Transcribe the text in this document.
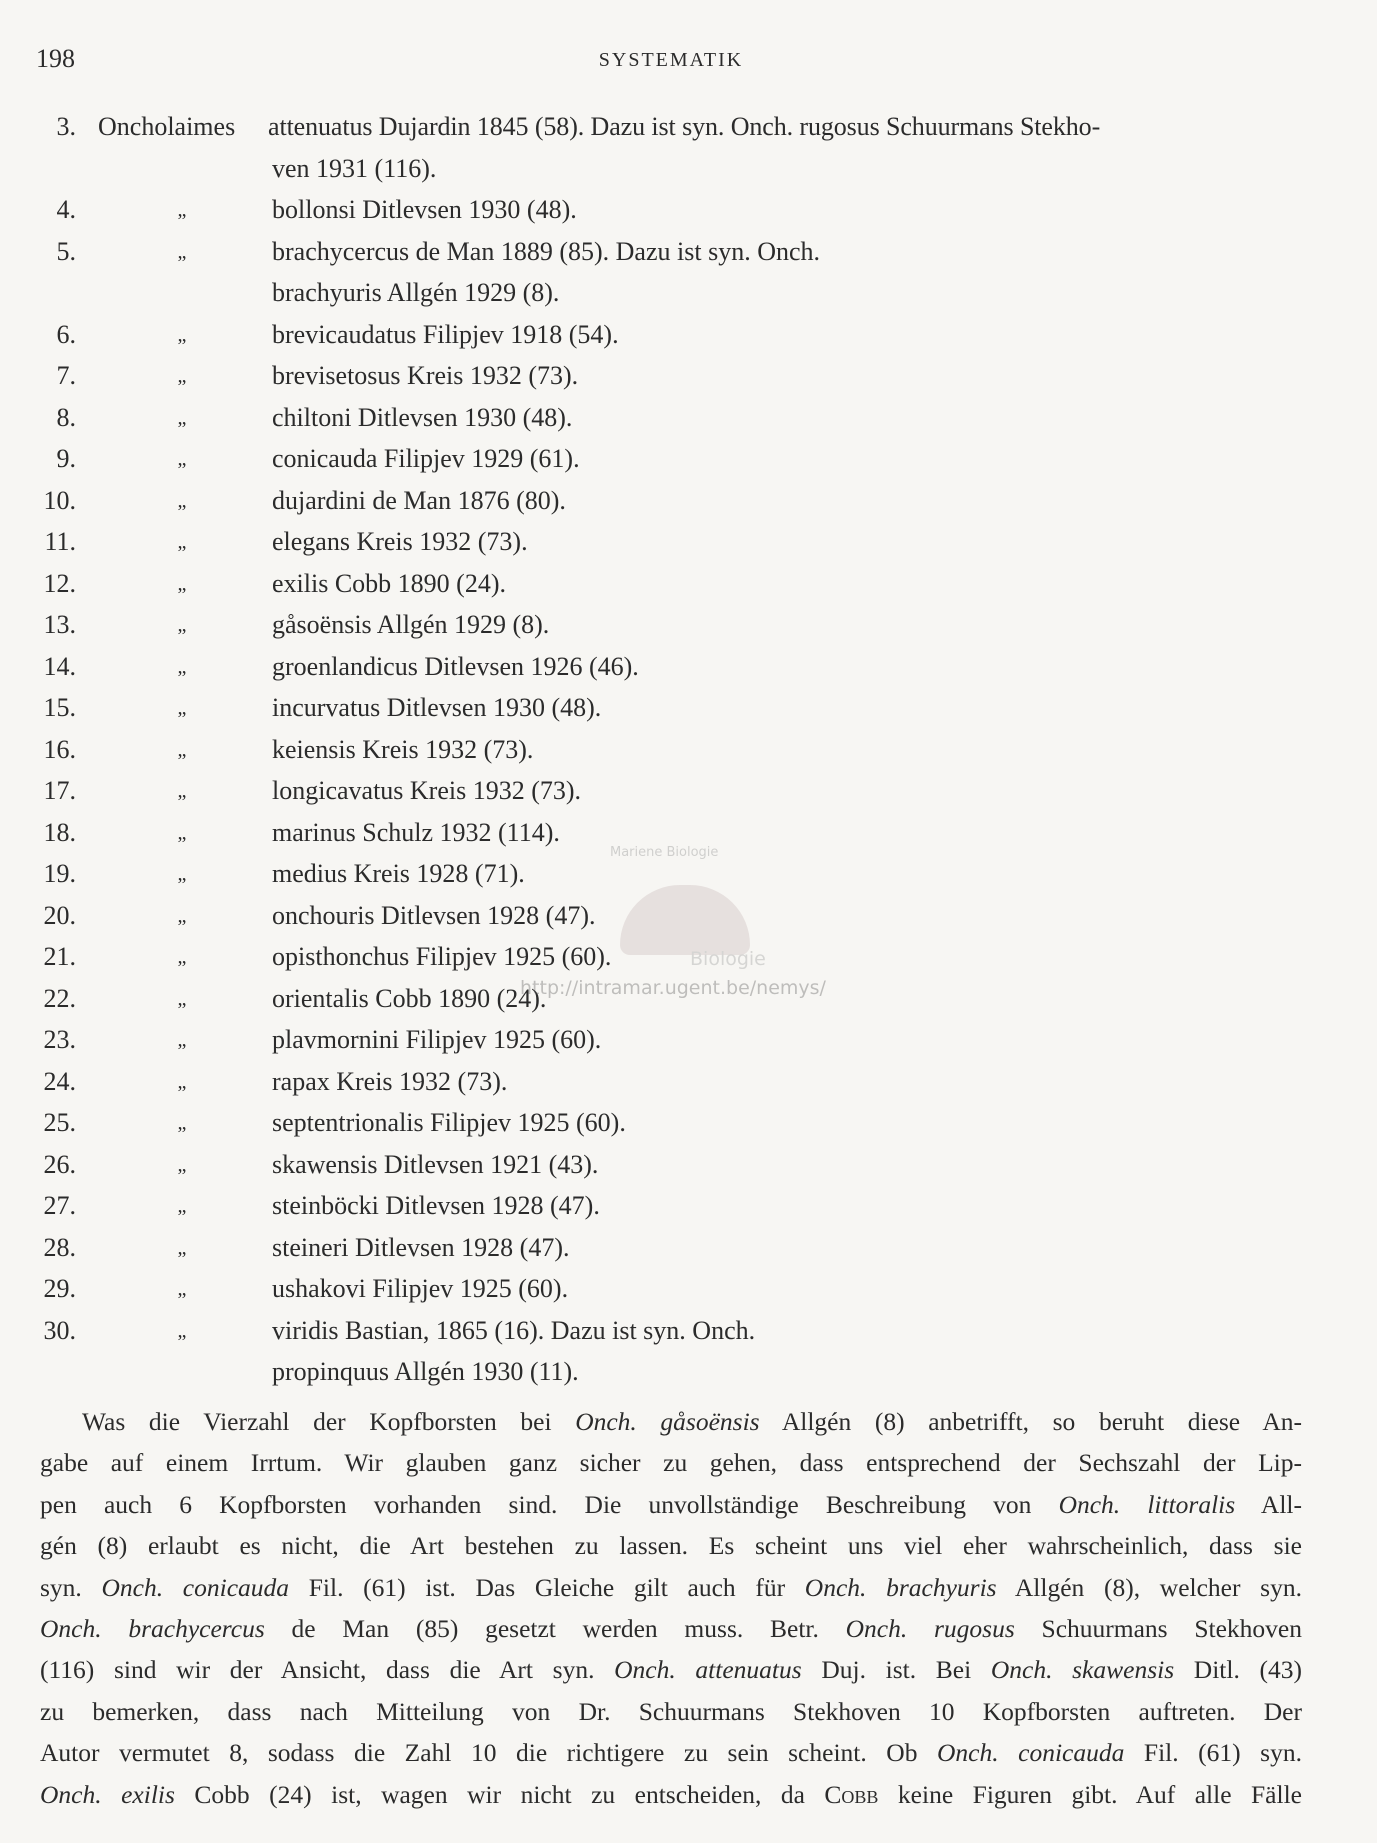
198	SYSTEMATIK
3. Oncholaimes attenuatus Dujardin 1845 (58). Dazu ist syn. Onch. rugosus Schuurmans Stekho-
ven 1931 (116).
4.	„	bollonsi Ditlevsen 1930 (48).
5.	„	brachycercus de Man 1889 (85). Dazu ist syn. Onch.
brachyuris Allgén 1929 (8).
6.	„	brevicaudatus Filipjev 1918 (54).
7.	„	brevisetosus Kreis 1932 (73).
8.	„	chiltoni Ditlevsen 1930 (48).
9.	„	conicauda Filipjev 1929 (61).
10.	„	dujardini de Man 1876 (80).
11.	„	elegans Kreis 1932 (73).
12.	„	exilis Cobb 1890 (24).
13.	„	gåsoënsis Allgén 1929 (8).
14.	„	groenlandicus Ditlevsen 1926 (46).
15.	„	incurvatus Ditlevsen 1930 (48).
16.	„	keiensis Kreis 1932 (73).
17.	„	longicavatus Kreis 1932 (73).
18.	„	marinus Schulz 1932 (114).
19.	„	medius Kreis 1928 (71).
20.	„	onchouris Ditlevsen 1928 (47).
21.	„	opisthonchus Filipjev 1925 (60).
22.	„	orientalis Cobb 1890 (24).
23.	„	plavmornini Filipjev 1925 (60).
24.	„	rapax Kreis 1932 (73).
25.	„	septentrionalis Filipjev 1925 (60).
26.	„	skawensis Ditlevsen 1921 (43).
27.	„	steinböcki Ditlevsen 1928 (47).
28.	„	steineri Ditlevsen 1928 (47).
29.	„	ushakovi Filipjev 1925 (60).
30.	„	viridis Bastian, 1865 (16). Dazu ist syn. Onch.
propinquus Allgén 1930 (11).
Was die Vierzahl der Kopfborsten bei Onch. gåsoënsis Allgén (8) anbetrifft, so beruht diese An-
gabe auf einem Irrtum. Wir glauben ganz sicher zu gehen, dass entsprechend der Sechszahl der Lip-
pen auch 6 Kopfborsten vorhanden sind. Die unvollständige Beschreibung von Onch. littoralis All-
gén (8) erlaubt es nicht, die Art bestehen zu lassen. Es scheint uns viel eher wahrscheinlich, dass sie
syn. Onch. conicauda Fil. (61) ist. Das Gleiche gilt auch für Onch. brachyuris Allgén (8), welcher syn.
Onch. brachycercus de Man (85) gesetzt werden muss. Betr. Onch. rugosus Schuurmans Stekhoven
(116) sind wir der Ansicht, dass die Art syn. Onch. attenuatus Duj. ist. Bei Onch. skawensis Ditl. (43)
zu bemerken, dass nach Mitteilung von Dr. Schuurmans Stekhoven 10 Kopfborsten auftreten. Der
Autor vermutet 8, sodass die Zahl 10 die richtigere zu sein scheint. Ob Onch. conicauda Fil. (61) syn.
Onch. exilis Cobb (24) ist, wagen wir nicht zu entscheiden, da Cobb keine Figuren gibt. Auf alle Fälle
Mariene Biologie
Biologie
http://intramar.ugent.be/nemys/
